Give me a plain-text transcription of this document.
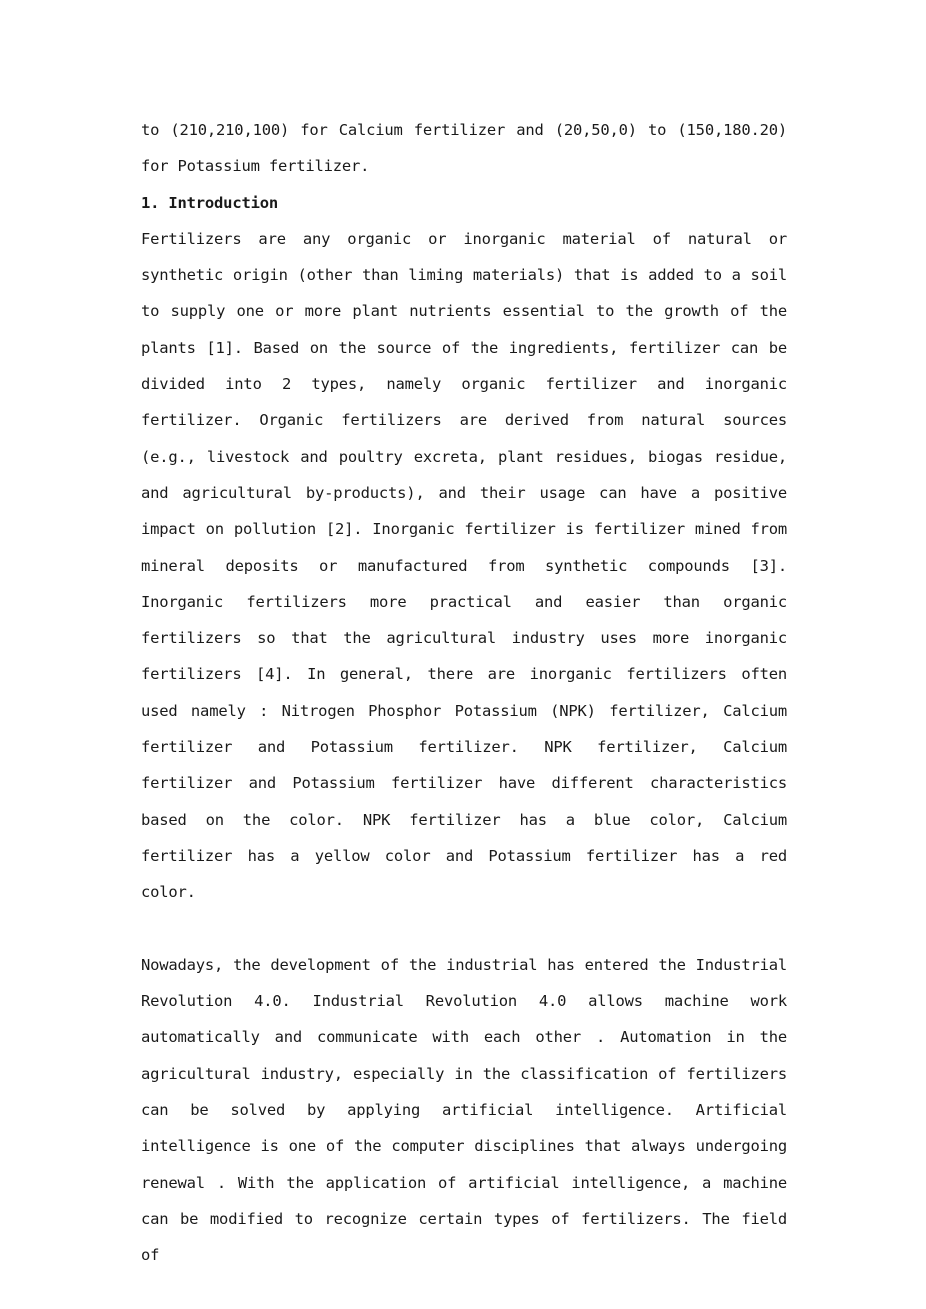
to (210,210,100) for Calcium fertilizer and (20,50,0) to (150,180.20) for Potassium fertilizer.

1. Introduction

Fertilizers are any organic or inorganic material of natural or synthetic origin (other than liming materials) that is added to a soil to supply one or more plant nutrients essential to the growth of the plants [1]. Based on the source of the ingredients, fertilizer can be divided into 2 types, namely organic fertilizer and inorganic fertilizer. Organic fertilizers are derived from natural sources (e.g., livestock and poultry excreta, plant residues, biogas residue, and agricultural by-products), and their usage can have a positive impact on pollution [2]. Inorganic fertilizer is fertilizer mined from mineral deposits or manufactured from synthetic compounds [3]. Inorganic fertilizers more practical and easier than organic fertilizers so that the agricultural industry uses more inorganic fertilizers [4]. In general, there are inorganic fertilizers often used namely : Nitrogen Phosphor Potassium (NPK) fertilizer, Calcium fertilizer and Potassium fertilizer. NPK fertilizer, Calcium fertilizer and Potassium fertilizer have different characteristics based on the color. NPK fertilizer has a blue color, Calcium fertilizer has a yellow color and Potassium fertilizer has a red color.

Nowadays, the development of the industrial has entered the Industrial Revolution 4.0. Industrial Revolution 4.0 allows machine work automatically and communicate with each other . Automation in the agricultural industry, especially in the classification of fertilizers can be solved by applying artificial intelligence. Artificial intelligence is one of the computer disciplines that always undergoing renewal . With the application of artificial intelligence, a machine can be modified to recognize certain types of fertilizers. The field of
